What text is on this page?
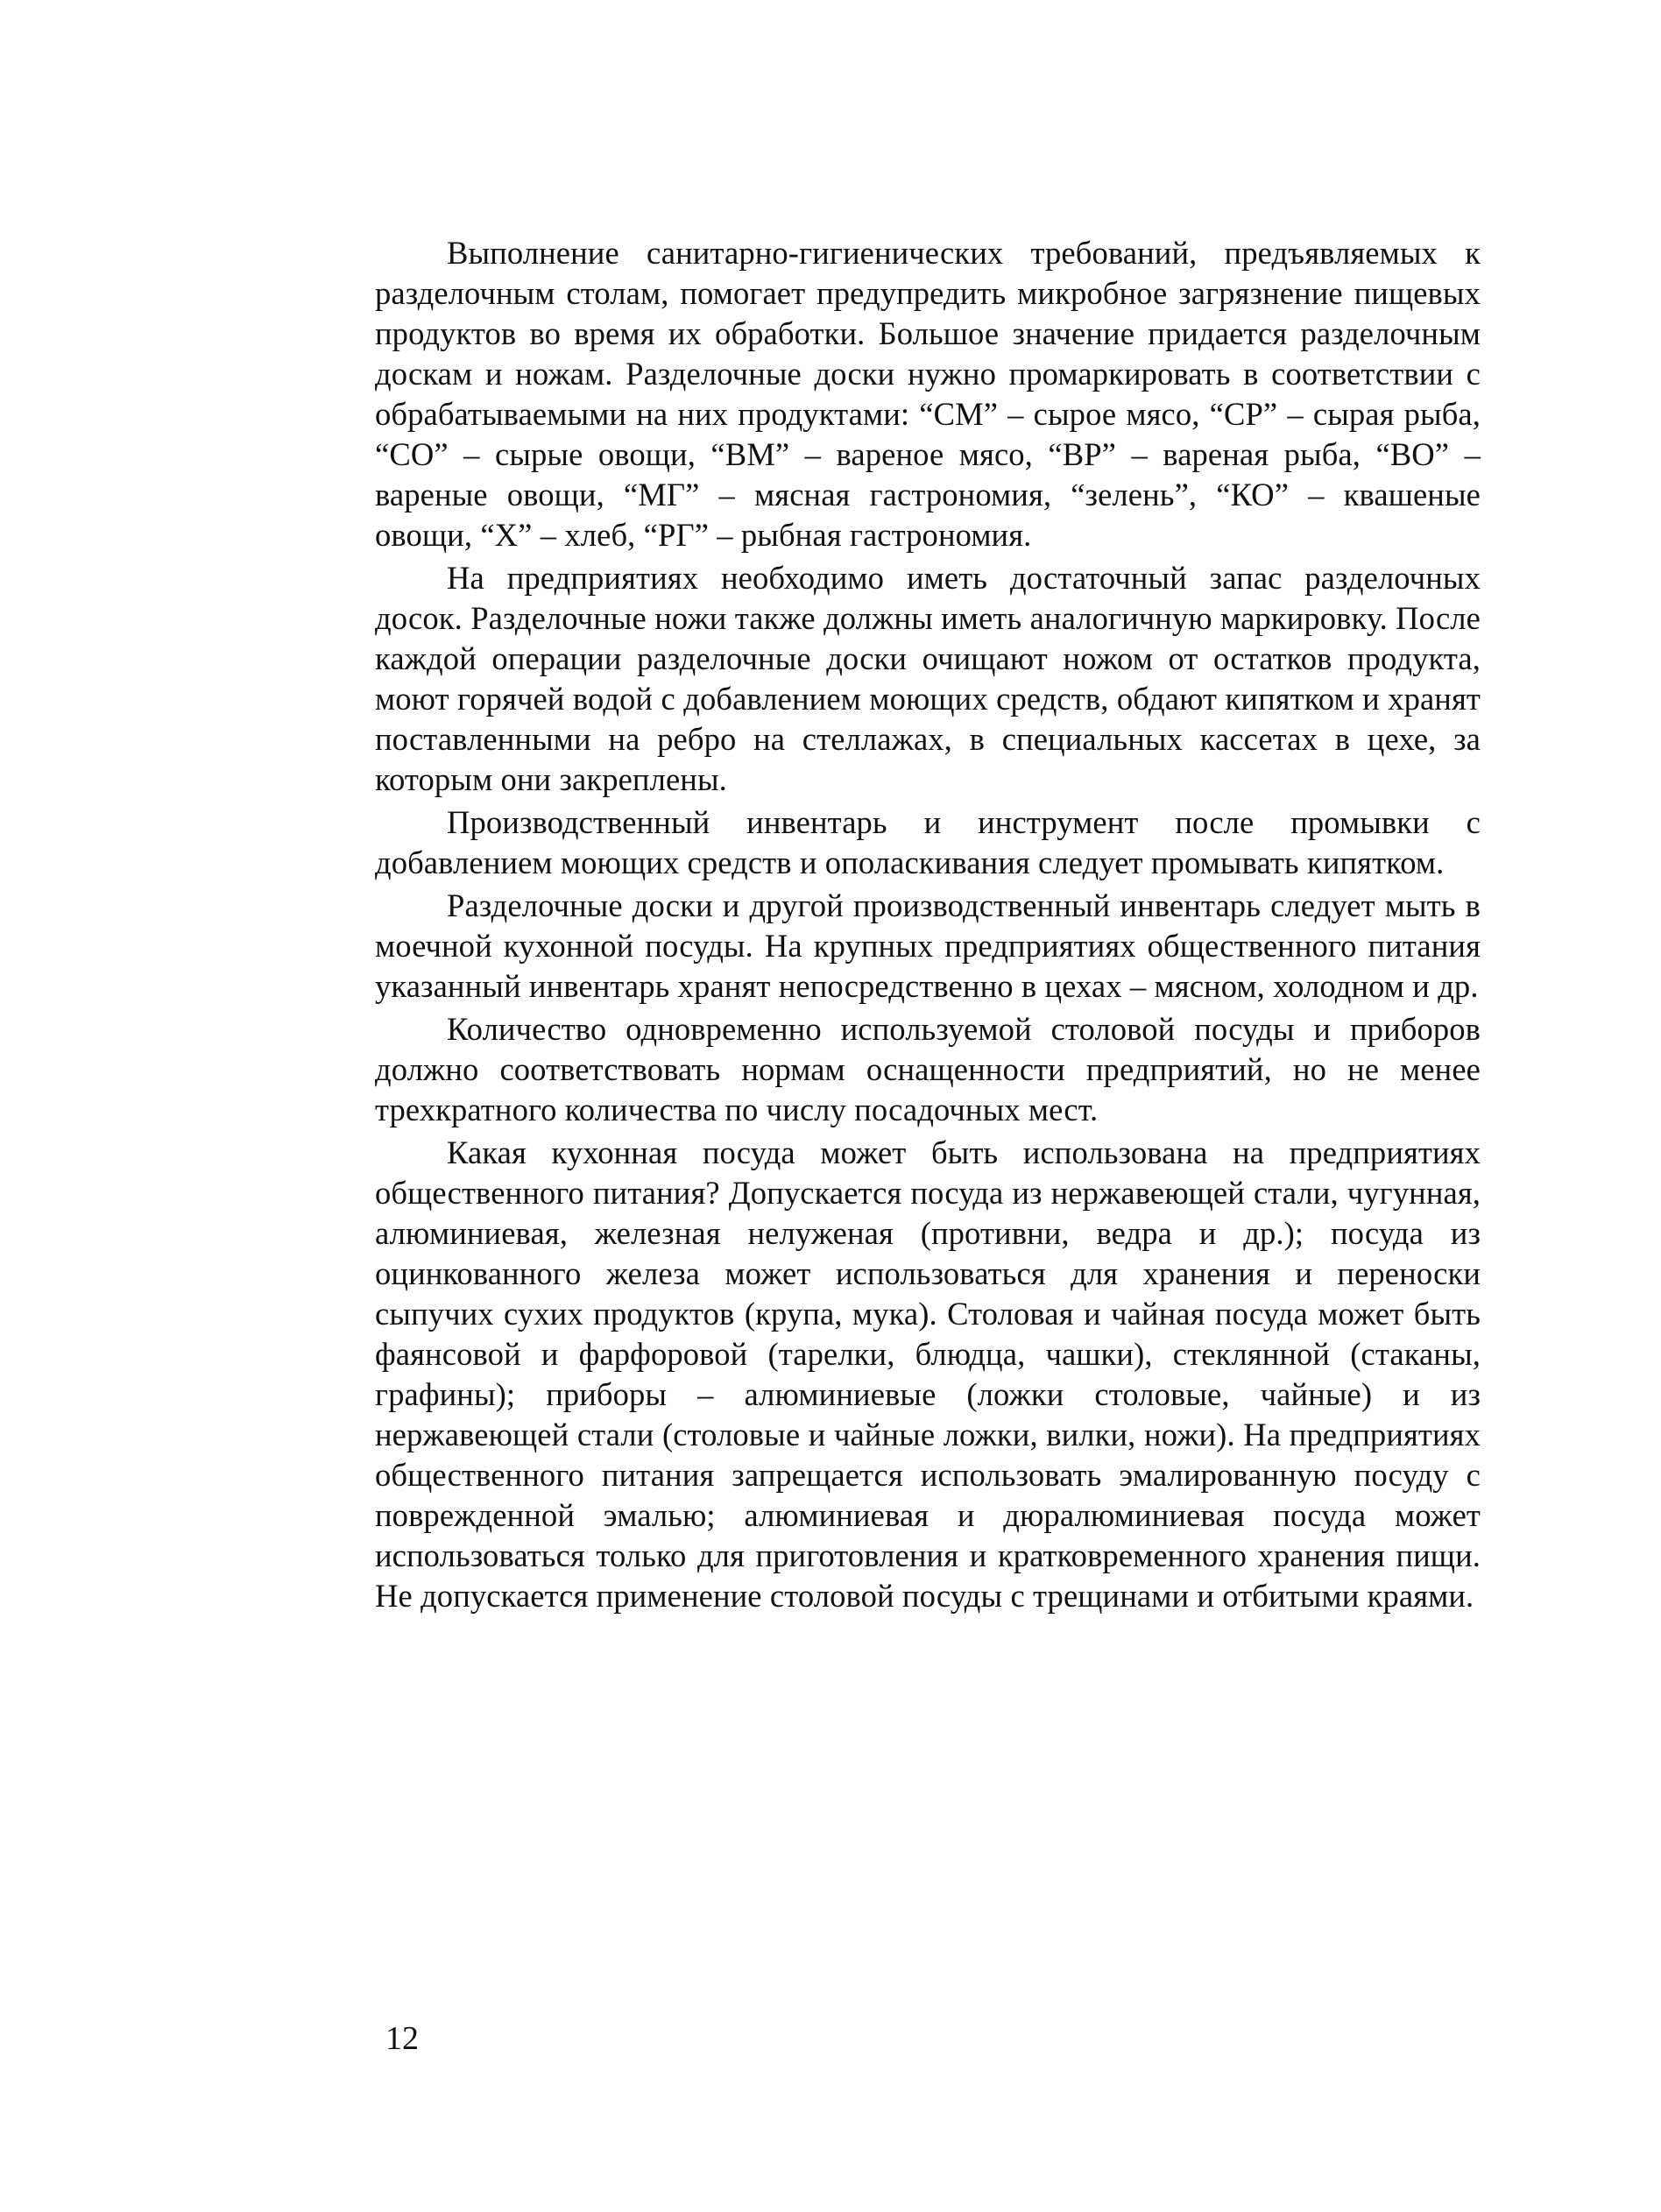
Выполнение санитарно-гигиенических требований, предъявляемых к разделочным столам, помогает предупредить микробное загрязнение пищевых продуктов во время их обработки. Большое значение придается разделочным доскам и ножам. Разделочные доски нужно промаркировать в соответствии с обрабатываемыми на них продуктами: “СМ” – сырое мясо, “СР” – сырая рыба, “СО” – сырые овощи, “ВМ” – вареное мясо, “ВР” – вареная рыба, “ВО” – вареные овощи, “МГ” – мясная гастрономия, “зелень”, “КО” – квашеные овощи, “Х” – хлеб, “РГ” – рыбная гастрономия.

На предприятиях необходимо иметь достаточный запас разделочных досок. Разделочные ножи также должны иметь аналогичную маркировку. После каждой операции разделочные доски очищают ножом от остатков продукта, моют горячей водой с добавлением моющих средств, обдают кипятком и хранят поставленными на ребро на стеллажах, в специальных кассетах в цехе, за которым они закреплены.

Производственный инвентарь и инструмент после промывки с добавлением моющих средств и ополаскивания следует промывать кипятком.

Разделочные доски и другой производственный инвентарь следует мыть в моечной кухонной посуды. На крупных предприятиях общественного питания указанный инвентарь хранят непосредственно в цехах – мясном, холодном и др.

Количество одновременно используемой столовой посуды и приборов должно соответствовать нормам оснащенности предприятий, но не менее трехкратного количества по числу посадочных мест.

Какая кухонная посуда может быть использована на предприятиях общественного питания? Допускается посуда из нержавеющей стали, чугунная, алюминиевая, железная нелуженая (противни, ведра и др.); посуда из оцинкованного железа может использоваться для хранения и переноски сыпучих сухих продуктов (крупа, мука). Столовая и чайная посуда может быть фаянсовой и фарфоровой (тарелки, блюдца, чашки), стеклянной (стаканы, графины); приборы – алюминиевые (ложки столовые, чайные) и из нержавеющей стали (столовые и чайные ложки, вилки, ножи). На предприятиях общественного питания запрещается использовать эмалированную посуду с поврежденной эмалью; алюминиевая и дюралюминиевая посуда может использоваться только для приготовления и кратковременного хранения пищи. Не допускается применение столовой посуды с трещинами и отбитыми краями.

12
